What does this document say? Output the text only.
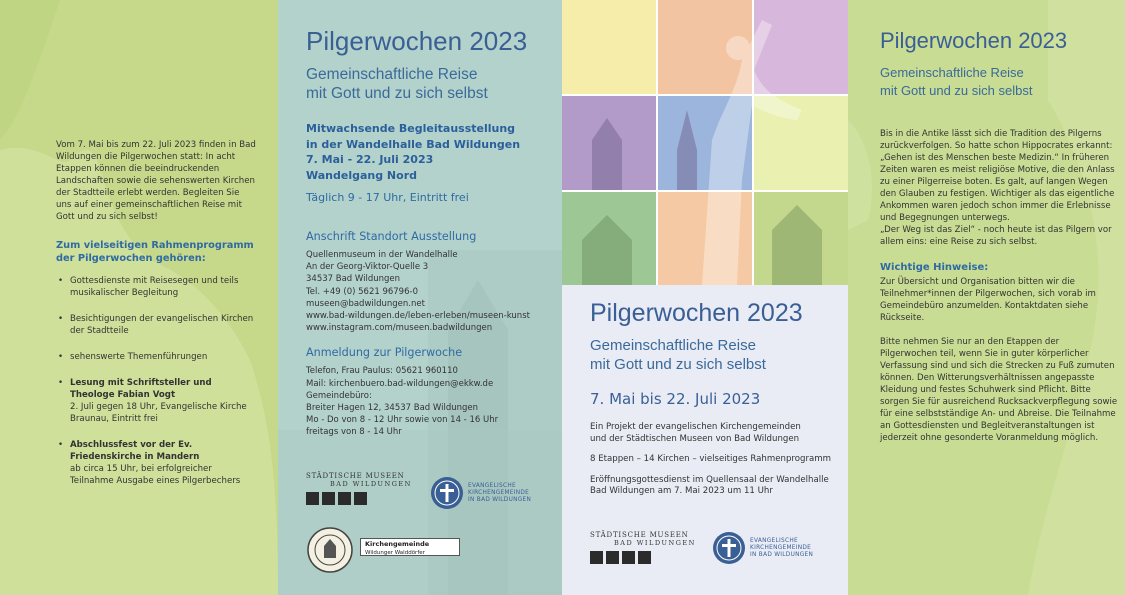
Vom 7. Mai bis zum 22. Juli 2023 finden in Bad Wildungen die Pilgerwochen statt: In acht Etappen können die beeindruckenden Landschaften sowie die sehenswerten Kirchen der Stadtteile erlebt werden. Begleiten Sie uns auf einer gemeinschaftlichen Reise mit Gott und zu sich selbst!

Zum vielseitigen Rahmenprogramm der Pilgerwochen gehören:
• Gottesdienste mit Reisesegen und teils musikalischer Begleitung
• Besichtigungen der evangelischen Kirchen der Stadtteile
• sehenswerte Themenführungen
• Lesung mit Schriftsteller und Theologe Fabian Vogt
2. Juli gegen 18 Uhr, Evangelische Kirche Braunau, Eintritt frei
• Abschlussfest vor der Ev. Friedenskirche in Mandern
ab circa 15 Uhr, bei erfolgreicher Teilnahme Ausgabe eines Pilgerbechers
Pilgerwochen 2023
Gemeinschaftliche Reise
mit Gott und zu sich selbst
Mitwachsende Begleitausstellung
in der Wandelhalle Bad Wildungen
7. Mai - 22. Juli 2023
Wandelgang Nord
Täglich 9 - 17 Uhr, Eintritt frei
Anschrift Standort Ausstellung
Quellenmuseum in der Wandelhalle
An der Georg-Viktor-Quelle 3
34537 Bad Wildungen
Tel. +49 (0) 5621 96796-0
museen@badwildungen.net
www.bad-wildungen.de/leben-erleben/museen-kunst
www.instagram.com/museen.badwildungen
Anmeldung zur Pilgerwoche
Telefon, Frau Paulus: 05621 960110
Mail: kirchenbuero.bad-wildungen@ekkw.de
Gemeindebüro:
Breiter Hagen 12, 34537 Bad Wildungen
Mo - Do von 8 - 12 Uhr sowie von 14 - 16 Uhr
freitags von 8 - 14 Uhr
STÄDTISCHE MUSEEN
BAD WILDUNGEN	EVANGELISCHE
KIRCHENGEMEINDE
IN BAD WILDUNGEN
Kirchengemeinde
Wildunger Walddörfer
Pilgerwochen 2023
Gemeinschaftliche Reise
mit Gott und zu sich selbst
7. Mai bis 22. Juli 2023

Ein Projekt der evangelischen Kirchengemeinden
und der Städtischen Museen von Bad Wildungen

8 Etappen – 14 Kirchen – vielseitiges Rahmenprogramm

Eröffnungsgottesdienst im Quellensaal der Wandelhalle
Bad Wildungen am 7. Mai 2023 um 11 Uhr

STÄDTISCHE MUSEEN
BAD WILDUNGEN	EVANGELISCHE
KIRCHENGEMEINDE
IN BAD WILDUNGEN
Pilgerwochen 2023
Gemeinschaftliche Reise
mit Gott und zu sich selbst

Bis in die Antike lässt sich die Tradition des Pilgerns zurückverfolgen. So hatte schon Hippocrates erkannt: „Gehen ist des Menschen beste Medizin.“ In früheren Zeiten waren es meist religiöse Motive, die den Anlass zu einer Pilgerreise boten. Es galt, auf langen Wegen den Glauben zu festigen. Wichtiger als das eigentliche Ankommen waren jedoch schon immer die Erlebnisse und Begegnungen unterwegs.

„Der Weg ist das Ziel“ - noch heute ist das Pilgern vor allem eins: eine Reise zu sich selbst.

Wichtige Hinweise:

Zur Übersicht und Organisation bitten wir die Teilnehmer*innen der Pilgerwochen, sich vorab im Gemeindebüro anzumelden. Kontaktdaten siehe Rückseite.

Bitte nehmen Sie nur an den Etappen der Pilgerwochen teil, wenn Sie in guter körperlicher Verfassung sind und sich die Strecken zu Fuß zumuten können. Den Witterungsverhältnissen angepasste Kleidung und festes Schuhwerk sind Pflicht. Bitte sorgen Sie für ausreichend Rucksackverpflegung sowie für eine selbstständige An- und Abreise. Die Teilnahme an Gottesdiensten und Begleitveranstaltungen ist jederzeit ohne gesonderte Voranmeldung möglich.
